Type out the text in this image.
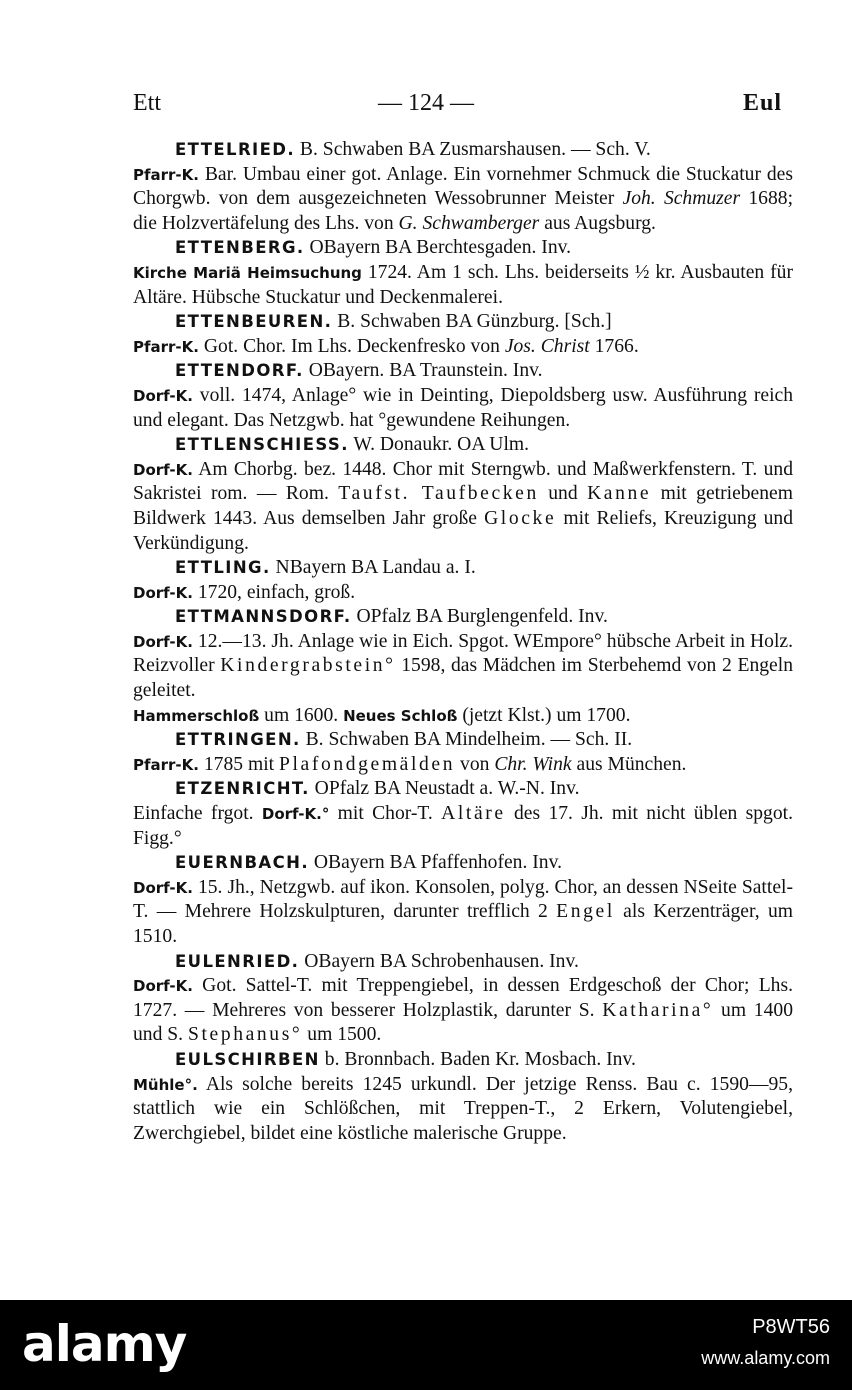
Ett	— 124 —	Eul

ETTELRIED. B. Schwaben BA Zusmarshausen. — Sch. V.

Pfarr-K. Bar. Umbau einer got. Anlage. Ein vornehmer Schmuck die Stuckatur des Chorgwb. von dem ausgezeichneten Wessobrunner Meister Joh. Schmuzer 1688; die Holzvertäfelung des Lhs. von G. Schwamberger aus Augsburg.

ETTENBERG. OBayern BA Berchtesgaden. Inv.

Kirche Mariä Heimsuchung 1724. Am 1 sch. Lhs. beiderseits ½ kr. Ausbauten für Altäre. Hübsche Stuckatur und Deckenmalerei.

ETTENBEUREN. B. Schwaben BA Günzburg. [Sch.]

Pfarr-K. Got. Chor. Im Lhs. Deckenfresko von Jos. Christ 1766.

ETTENDORF. OBayern. BA Traunstein. Inv.

Dorf-K. voll. 1474, Anlage° wie in Deinting, Diepoldsberg usw. Ausführung reich und elegant. Das Netzgwb. hat °gewundene Reihungen.

ETTLENSCHIESS. W. Donaukr. OA Ulm.

Dorf-K. Am Chorbg. bez. 1448. Chor mit Sterngwb. und Maßwerkfenstern. T. und Sakristei rom. — Rom. Taufst. Taufbecken und Kanne mit getriebenem Bildwerk 1443. Aus demselben Jahr große Glocke mit Reliefs, Kreuzigung und Verkündigung.

ETTLING. NBayern BA Landau a. I.

Dorf-K. 1720, einfach, groß.

ETTMANNSDORF. OPfalz BA Burglengenfeld. Inv.

Dorf-K. 12.—13. Jh. Anlage wie in Eich. Spgot. WEmpore° hübsche Arbeit in Holz. Reizvoller Kindergrabstein° 1598, das Mädchen im Sterbehemd von 2 Engeln geleitet.

Hammerschloß um 1600. Neues Schloß (jetzt Klst.) um 1700.

ETTRINGEN. B. Schwaben BA Mindelheim. — Sch. II.

Pfarr-K. 1785 mit Plafondgemälden von Chr. Wink aus München.

ETZENRICHT. OPfalz BA Neustadt a. W.-N. Inv.

Einfache frgot. Dorf-K.° mit Chor-T. Altäre des 17. Jh. mit nicht üblen spgot. Figg.°

EUERNBACH. OBayern BA Pfaffenhofen. Inv.

Dorf-K. 15. Jh., Netzgwb. auf ikon. Konsolen, polyg. Chor, an dessen NSeite Sattel-T. — Mehrere Holzskulpturen, darunter trefflich 2 Engel als Kerzenträger, um 1510.

EULENRIED. OBayern BA Schrobenhausen. Inv.

Dorf-K. Got. Sattel-T. mit Treppengiebel, in dessen Erdgeschoß der Chor; Lhs. 1727. — Mehreres von besserer Holzplastik, darunter S. Katharina° um 1400 und S. Stephanus° um 1500.

EULSCHIRBEN b. Bronnbach. Baden Kr. Mosbach. Inv.

Mühle°. Als solche bereits 1245 urkundl. Der jetzige Renss. Bau c. 1590—95, stattlich wie ein Schlößchen, mit Treppen-T., 2 Erkern, Volutengiebel, Zwerchgiebel, bildet eine köstliche malerische Gruppe.

alamy	P8WT56
www.alamy.com
